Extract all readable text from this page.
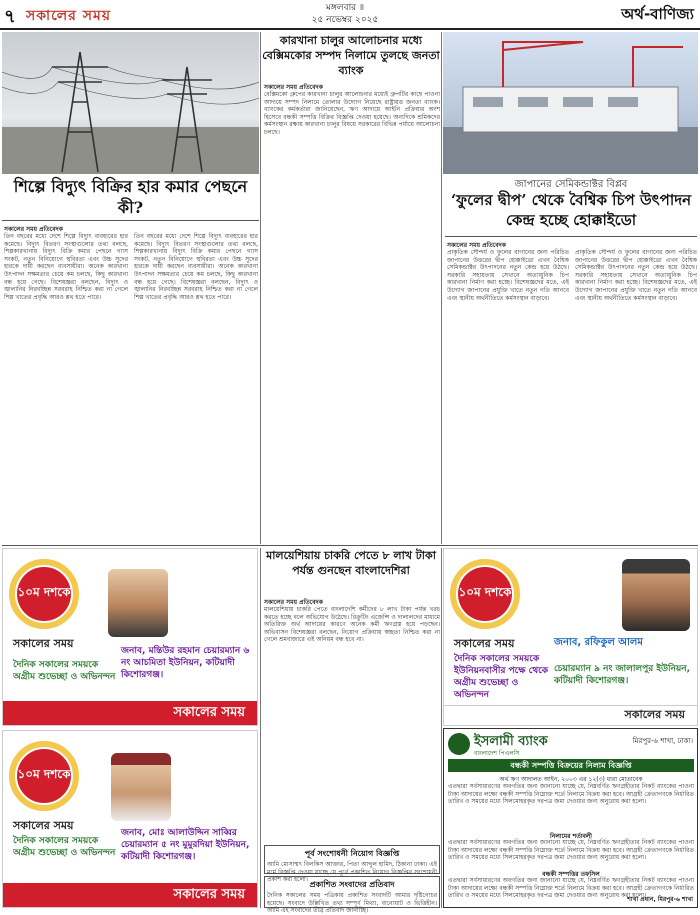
৭ সকালের সময়	মঙ্গলবার ॥
২৫ নভেম্বর ২০২৫	অর্থ-বাণিজ্য
শিল্পে বিদ্যুৎ বিক্রির হার কমার পেছনে কী?
সকালের সময় প্রতিবেদক
তিন বছরের মধ্যে দেশে শিল্পে বিদ্যুৎ ব্যবহারের হার কমেছে। বিদ্যুৎ বিতরণ সংস্থাগুলোর তথ্য বলছে, শিল্পকারখানায় বিদ্যুৎ বিক্রি কমার পেছনে গ্যাস সংকট, নতুন বিনিয়োগে স্থবিরতা এবং উচ্চ সুদের হারকে দায়ী করছেন ব্যবসায়ীরা। অনেক কারখানা উৎপাদন সক্ষমতার চেয়ে কম চলছে, কিছু কারখানা বন্ধ হয়ে গেছে। বিশেষজ্ঞরা বলছেন, বিদ্যুৎ ও জ্বালানির নিরবচ্ছিন্ন সরবরাহ নিশ্চিত করা না গেলে শিল্প খাতের প্রবৃদ্ধি আরও শ্লথ হতে পারে।
তিন বছরের মধ্যে দেশে শিল্পে বিদ্যুৎ ব্যবহারের হার কমেছে। বিদ্যুৎ বিতরণ সংস্থাগুলোর তথ্য বলছে, শিল্পকারখানায় বিদ্যুৎ বিক্রি কমার পেছনে গ্যাস সংকট, নতুন বিনিয়োগে স্থবিরতা এবং উচ্চ সুদের হারকে দায়ী করছেন ব্যবসায়ীরা। অনেক কারখানা উৎপাদন সক্ষমতার চেয়ে কম চলছে, কিছু কারখানা বন্ধ হয়ে গেছে। বিশেষজ্ঞরা বলছেন, বিদ্যুৎ ও জ্বালানির নিরবচ্ছিন্ন সরবরাহ নিশ্চিত করা না গেলে শিল্প খাতের প্রবৃদ্ধি আরও শ্লথ হতে পারে।
কারখানা চালুর আলোচনার মধ্যে বেক্সিমকোর সম্পদ নিলামে তুলছে জনতা ব্যাংক
সকালের সময় প্রতিবেদক
বেক্সিমকো গ্রুপের কারখানা চালুর আলোচনার মধ্যেই গ্রুপটির কাছে পাওনা আদায়ে সম্পদ নিলামে তোলার উদ্যোগ নিয়েছে রাষ্ট্রায়ত্ত জনতা ব্যাংক। ব্যাংকের কর্মকর্তারা জানিয়েছেন, ঋণ আদায়ে আইনি প্রক্রিয়ার অংশ হিসেবে বন্ধকী সম্পত্তি বিক্রির বিজ্ঞপ্তি দেওয়া হয়েছে। অন্যদিকে শ্রমিকদের কর্মসংস্থান রক্ষায় কারখানা চালুর বিষয়ে সরকারের বিভিন্ন পর্যায়ে আলোচনা চলছে।
জাপানের সেমিকন্ডাক্টর বিপ্লব
‘ফুলের দ্বীপ’ থেকে বৈশ্বিক চিপ উৎপাদন কেন্দ্র হচ্ছে হোক্কাইডো
সকালের সময় প্রতিবেদক
প্রাকৃতিক সৌন্দর্য ও ফুলের বাগানের জন্য পরিচিত জাপানের উত্তরের দ্বীপ হোক্কাইডো এখন বৈশ্বিক সেমিকন্ডাক্টর উৎপাদনের নতুন কেন্দ্র হয়ে উঠছে। সরকারি সহায়তায় সেখানে অত্যাধুনিক চিপ কারখানা নির্মাণ করা হচ্ছে। বিশেষজ্ঞদের মতে, এই উদ্যোগ জাপানের প্রযুক্তি খাতে নতুন গতি আনবে এবং স্থানীয় অর্থনীতিতে কর্মসংস্থান বাড়াবে।
প্রাকৃতিক সৌন্দর্য ও ফুলের বাগানের জন্য পরিচিত জাপানের উত্তরের দ্বীপ হোক্কাইডো এখন বৈশ্বিক সেমিকন্ডাক্টর উৎপাদনের নতুন কেন্দ্র হয়ে উঠছে। সরকারি সহায়তায় সেখানে অত্যাধুনিক চিপ কারখানা নির্মাণ করা হচ্ছে। বিশেষজ্ঞদের মতে, এই উদ্যোগ জাপানের প্রযুক্তি খাতে নতুন গতি আনবে এবং স্থানীয় অর্থনীতিতে কর্মসংস্থান বাড়াবে।
১০ম দশকে
সকালের সময়
দৈনিক সকালের সময়কে অগ্রীম শুভেচ্ছা ও অভিনন্দন
জনাব, মন্তিউর রহমান চেয়ারম্যান ৬ নং আচমিতা ইউনিয়ন, কটিয়াদী কিশোরগঞ্জ।
সকালের সময়
১০ম দশকে
সকালের সময়
দৈনিক সকালের সময়কে অগ্রীম শুভেচ্ছা ও অভিনন্দন
জনাব, মোঃ আলাউদ্দিন সাব্বির চেয়ারম্যান ৫ নং মুমুরদিয়া ইউনিয়ন, কটিয়াদী কিশোরগঞ্জ।
সকালের সময়
মালয়েশিয়ায় চাকরি পেতে ৮ লাখ টাকা পর্যন্ত গুনছেন বাংলাদেশিরা
সকালের সময় প্রতিবেদক
মালয়েশিয়ায় চাকরি পেতে বাংলাদেশি কর্মীদের ৮ লাখ টাকা পর্যন্ত খরচ করতে হচ্ছে বলে অভিযোগ উঠেছে। রিক্রুটিং এজেন্সি ও দালালদের মাধ্যমে অতিরিক্ত অর্থ আদায়ের কারণে অনেক কর্মী ঋণগ্রস্ত হয়ে পড়ছেন। অভিবাসন বিশেষজ্ঞরা বলছেন, নিয়োগ প্রক্রিয়ায় স্বচ্ছতা নিশ্চিত করা না গেলে শ্রমবাজারে এই অনিয়ম বন্ধ হবে না।
পূর্ব সংশোধনী নিয়োগ বিজ্ঞপ্তি
আমি মোসাম্মৎ বিলকিস আক্তার, পিতা আব্দুল হামিদ, ঠিকানা ঢাকা। এই মর্মে বিজ্ঞপ্তি দেওয়া যাচ্ছে যে পূর্বে প্রকাশিত নিয়োগ বিজ্ঞপ্তির সংশোধনী প্রকাশ করা হলো।
প্রকাশিত সংবাদের প্রতিবাদ
দৈনিক সকালের সময় পত্রিকায় প্রকাশিত সংবাদটি আমার দৃষ্টিগোচর হয়েছে। সংবাদে উল্লিখিত তথ্য সম্পূর্ণ মিথ্যা, বানোয়াট ও ভিত্তিহীন। আমি এই সংবাদের তীব্র প্রতিবাদ জানাচ্ছি।
১০ম দশকে
সকালের সময়	জনাব, রফিকুল আলম
চেয়ারম্যান ৯ নং জালালপুর ইউনিয়ন, কটিয়াদী কিশোরগঞ্জ।
দৈনিক সকালের সময়কে ইউনিয়নবাসীর পক্ষে থেকে অগ্রীম শুভেচ্ছা ও অভিনন্দন
সকালের সময়
ইসলামী ব্যাংক
বাংলাদেশ পিএলসি
মিরপুর-৬ শাখা, ঢাকা।
বন্ধকী সম্পত্তি বিক্রয়ের নিলাম বিজ্ঞপ্তি
অর্থ ঋণ আদালত আইন, ২০০৩ এর ১২(৩) ধারা মোতাবেক
এতদ্বারা সর্বসাধারণের অবগতির জন্য জানানো যাচ্ছে যে, নিম্নবর্ণিত ঋণগ্রহীতার নিকট ব্যাংকের পাওনা টাকা আদায়ের লক্ষ্যে বন্ধকী সম্পত্তি নিম্নোক্ত শর্তে নিলামে বিক্রয় করা হবে। আগ্রহী ক্রেতাগণকে নির্ধারিত তারিখ ও সময়ের মধ্যে সিলমোহরকৃত দরপত্র জমা দেওয়ার জন্য অনুরোধ করা হলো।
নিলামের শর্তাবলী
এতদ্বারা সর্বসাধারণের অবগতির জন্য জানানো যাচ্ছে যে, নিম্নবর্ণিত ঋণগ্রহীতার নিকট ব্যাংকের পাওনা টাকা আদায়ের লক্ষ্যে বন্ধকী সম্পত্তি নিম্নোক্ত শর্তে নিলামে বিক্রয় করা হবে। আগ্রহী ক্রেতাগণকে নির্ধারিত তারিখ ও সময়ের মধ্যে সিলমোহরকৃত দরপত্র জমা দেওয়ার জন্য অনুরোধ করা হলো।
বন্ধকী সম্পত্তির তফসিল
এতদ্বারা সর্বসাধারণের অবগতির জন্য জানানো যাচ্ছে যে, নিম্নবর্ণিত ঋণগ্রহীতার নিকট ব্যাংকের পাওনা টাকা আদায়ের লক্ষ্যে বন্ধকী সম্পত্তি নিম্নোক্ত শর্তে নিলামে বিক্রয় করা হবে। আগ্রহী ক্রেতাগণকে নির্ধারিত তারিখ ও সময়ের মধ্যে সিলমোহরকৃত দরপত্র জমা দেওয়ার জন্য অনুরোধ করা হলো।
শাখা প্রধান, মিরপুর-৬ শাখা
